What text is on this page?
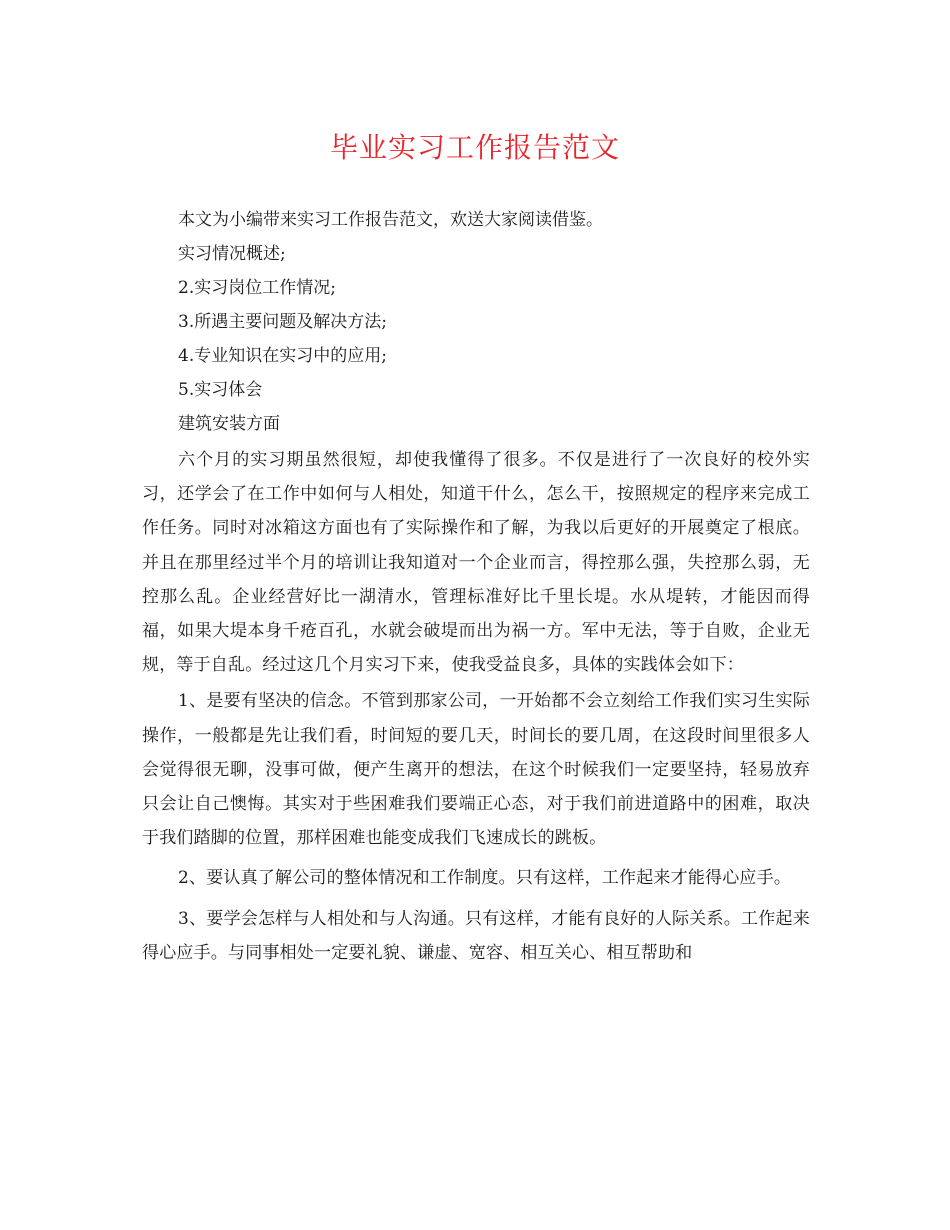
毕业实习工作报告范文

本文为小编带来实习工作报告范文，欢送大家阅读借鉴。

实习情况概述;

2.实习岗位工作情况;

3.所遇主要问题及解决方法;

4.专业知识在实习中的应用;

5.实习体会

建筑安装方面

六个月的实习期虽然很短，却使我懂得了很多。不仅是进行了一次良好的校外实习，还学会了在工作中如何与人相处，知道干什么，怎么干，按照规定的程序来完成工作任务。同时对冰箱这方面也有了实际操作和了解，为我以后更好的开展奠定了根底。并且在那里经过半个月的培训让我知道对一个企业而言，得控那么强，失控那么弱，无控那么乱。企业经营好比一湖清水，管理标准好比千里长堤。水从堤转，才能因而得福，如果大堤本身千疮百孔，水就会破堤而出为祸一方。军中无法，等于自败，企业无规，等于自乱。经过这几个月实习下来，使我受益良多，具体的实践体会如下：

1、是要有坚决的信念。不管到那家公司，一开始都不会立刻给工作我们实习生实际操作，一般都是先让我们看，时间短的要几天，时间长的要几周，在这段时间里很多人会觉得很无聊，没事可做，便产生离开的想法，在这个时候我们一定要坚持，轻易放弃只会让自己懊悔。其实对于些困难我们要端正心态，对于我们前进道路中的困难，取决于我们踏脚的位置，那样困难也能变成我们飞速成长的跳板。

2、要认真了解公司的整体情况和工作制度。只有这样，工作起来才能得心应手。

3、要学会怎样与人相处和与人沟通。只有这样，才能有良好的人际关系。工作起来得心应手。与同事相处一定要礼貌、谦虚、宽容、相互关心、相互帮助和
